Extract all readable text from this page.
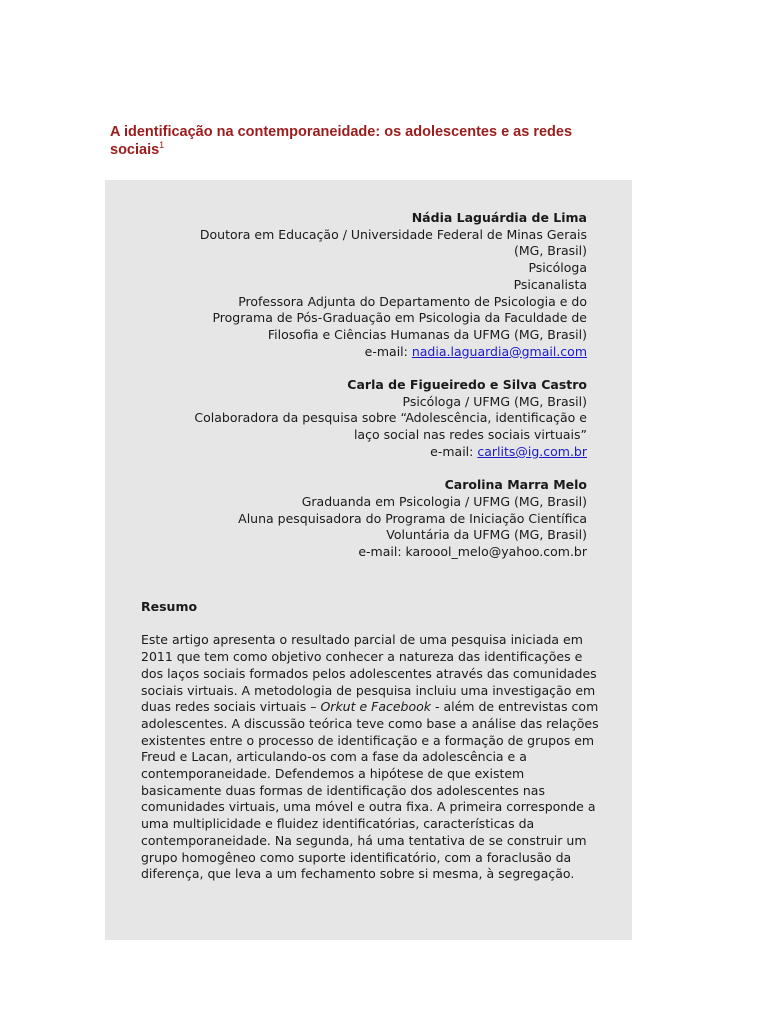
A identificação na contemporaneidade: os adolescentes e as redes sociais$^1$
Nádia Laguárdia de Lima
Doutora em Educação / Universidade Federal de Minas Gerais
(MG, Brasil)
Psicóloga
Psicanalista
Professora Adjunta do Departamento de Psicologia e do
Programa de Pós-Graduação em Psicologia da Faculdade de
Filosofia e Ciências Humanas da UFMG (MG, Brasil)
e-mail: nadia.laguardia@gmail.com
Carla de Figueiredo e Silva Castro
Psicóloga / UFMG (MG, Brasil)
Colaboradora da pesquisa sobre “Adolescência, identificação e
laço social nas redes sociais virtuais”
e-mail: carlits@ig.com.br
Carolina Marra Melo
Graduanda em Psicologia / UFMG (MG, Brasil)
Aluna pesquisadora do Programa de Iniciação Científica
Voluntária da UFMG (MG, Brasil)
e-mail: karoool_melo@yahoo.com.br
Resumo
Este artigo apresenta o resultado parcial de uma pesquisa iniciada em 2011 que tem como objetivo conhecer a natureza das identificações e dos laços sociais formados pelos adolescentes através das comunidades sociais virtuais. A metodologia de pesquisa incluiu uma investigação em duas redes sociais virtuais – Orkut e Facebook - além de entrevistas com adolescentes. A discussão teórica teve como base a análise das relações existentes entre o processo de identificação e a formação de grupos em Freud e Lacan, articulando-os com a fase da adolescência e a contemporaneidade. Defendemos a hipótese de que existem basicamente duas formas de identificação dos adolescentes nas comunidades virtuais, uma móvel e outra fixa. A primeira corresponde a uma multiplicidade e fluidez identificatórias, características da contemporaneidade. Na segunda, há uma tentativa de se construir um grupo homogêneo como suporte identificatório, com a foraclusão da diferença, que leva a um fechamento sobre si mesma, à segregação.
